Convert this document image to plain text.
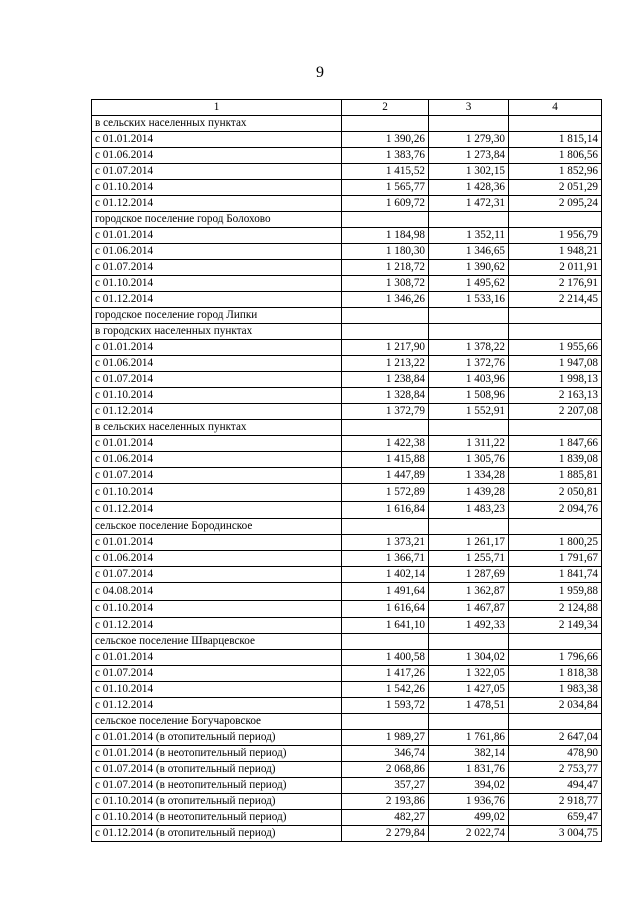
9
1	2	3	4
в сельских населенных пунктах			
с 01.01.2014	1 390,26	1 279,30	1 815,14
с 01.06.2014	1 383,76	1 273,84	1 806,56
с 01.07.2014	1 415,52	1 302,15	1 852,96
с 01.10.2014	1 565,77	1 428,36	2 051,29
с 01.12.2014	1 609,72	1 472,31	2 095,24
городское поселение город Болохово			
с 01.01.2014	1 184,98	1 352,11	1 956,79
с 01.06.2014	1 180,30	1 346,65	1 948,21
с 01.07.2014	1 218,72	1 390,62	2 011,91
с 01.10.2014	1 308,72	1 495,62	2 176,91
с 01.12.2014	1 346,26	1 533,16	2 214,45
городское поселение город Липки			
в городских населенных пунктах			
с 01.01.2014	1 217,90	1 378,22	1 955,66
с 01.06.2014	1 213,22	1 372,76	1 947,08
с 01.07.2014	1 238,84	1 403,96	1 998,13
с 01.10.2014	1 328,84	1 508,96	2 163,13
с 01.12.2014	1 372,79	1 552,91	2 207,08
в сельских населенных пунктах			
с 01.01.2014	1 422,38	1 311,22	1 847,66
с 01.06.2014	1 415,88	1 305,76	1 839,08
с 01.07.2014	1 447,89	1 334,28	1 885,81
с 01.10.2014	1 572,89	1 439,28	2 050,81
с 01.12.2014	1 616,84	1 483,23	2 094,76
сельское поселение Бородинское			
с 01.01.2014	1 373,21	1 261,17	1 800,25
с 01.06.2014	1 366,71	1 255,71	1 791,67
с 01.07.2014	1 402,14	1 287,69	1 841,74
с 04.08.2014	1 491,64	1 362,87	1 959,88
с 01.10.2014	1 616,64	1 467,87	2 124,88
с 01.12.2014	1 641,10	1 492,33	2 149,34
сельское поселение Шварцевское			
с 01.01.2014	1 400,58	1 304,02	1 796,66
с 01.07.2014	1 417,26	1 322,05	1 818,38
с 01.10.2014	1 542,26	1 427,05	1 983,38
с 01.12.2014	1 593,72	1 478,51	2 034,84
сельское поселение Богучаровское			
с 01.01.2014 (в отопительный период)	1 989,27	1 761,86	2 647,04
с 01.01.2014 (в неотопительный период)	346,74	382,14	478,90
с 01.07.2014 (в отопительный период)	2 068,86	1 831,76	2 753,77
с 01.07.2014 (в неотопительный период)	357,27	394,02	494,47
с 01.10.2014 (в отопительный период)	2 193,86	1 936,76	2 918,77
с 01.10.2014 (в неотопительный период)	482,27	499,02	659,47
с 01.12.2014 (в отопительный период)	2 279,84	2 022,74	3 004,75
